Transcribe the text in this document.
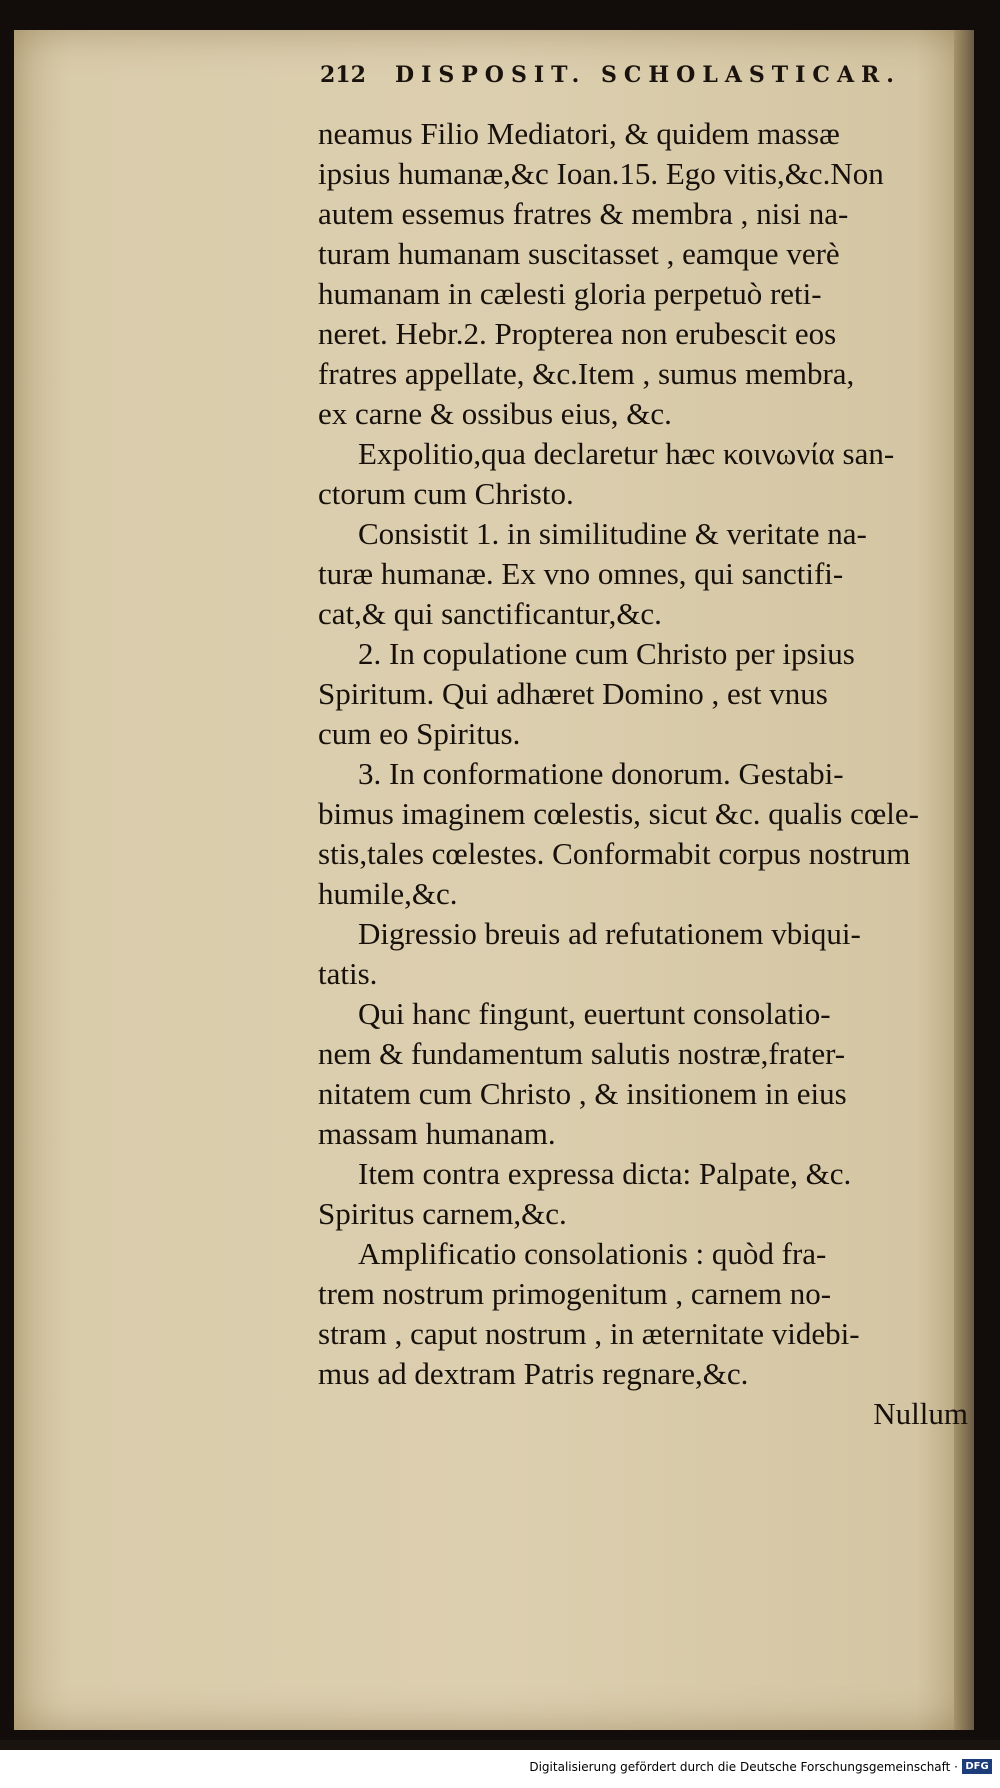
212 DISPOSIT. SCHOLASTICAR.
neamus Filio Mediatori, & quidem massæ
ipsius humanæ,&c Ioan.15. Ego vitis,&c.Non
autem essemus fratres & membra , nisi na-
turam humanam suscitasset , eamque verè
humanam in cælesti gloria perpetuò reti-
neret. Hebr.2. Propterea non erubescit eos
fratres appellate, &c.Item , sumus membra,
ex carne & ossibus eius, &c.
Expolitio,qua declaretur hæc κοινωνία san-
ctorum cum Christo.
Consistit 1. in similitudine & veritate na-
turæ humanæ. Ex vno omnes, qui sanctifi-
cat,& qui sanctificantur,&c.
2. In copulatione cum Christo per ipsius
Spiritum. Qui adhæret Domino , est vnus
cum eo Spiritus.
3. In conformatione donorum. Gestabi-
bimus imaginem cœlestis, sicut &c. qualis cœle-
stis,tales cœlestes. Conformabit corpus nostrum
humile,&c.
Digressio breuis ad refutationem vbiqui-
tatis.
Qui hanc fingunt, euertunt consolatio-
nem & fundamentum salutis nostræ,frater-
nitatem cum Christo , & insitionem in eius
massam humanam.
Item contra expressa dicta: Palpate, &c.
Spiritus carnem,&c.
Amplificatio consolationis : quòd fra-
trem nostrum primogenitum , carnem no-
stram , caput nostrum , in æternitate videbi-
mus ad dextram Patris regnare,&c.
Nullum
Digitalisierung gefördert durch die Deutsche Forschungsgemeinschaft · DFG
